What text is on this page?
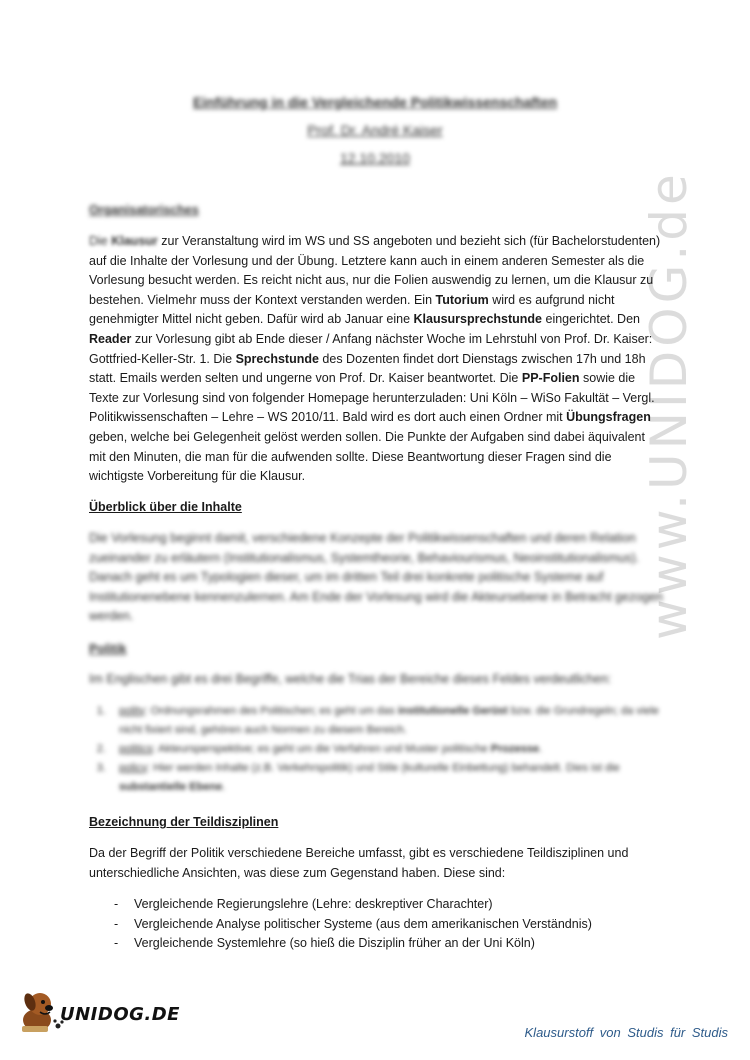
www.UNIDOG.de
Einführung in die Vergleichende Politikwissenschaften
Prof. Dr. André Kaiser
12.10.2010

Organisatorisches

Die Klausur zur Veranstaltung wird im WS und SS angeboten und bezieht sich (für Bachelorstudenten) auf die Inhalte der Vorlesung und der Übung. Letztere kann auch in einem anderen Semester als die Vorlesung besucht werden. Es reicht nicht aus, nur die Folien auswendig zu lernen, um die Klausur zu bestehen. Vielmehr muss der Kontext verstanden werden. Ein Tutorium wird es aufgrund nicht genehmigter Mittel nicht geben. Dafür wird ab Januar eine Klausursprechstunde eingerichtet. Den Reader zur Vorlesung gibt ab Ende dieser / Anfang nächster Woche im Lehrstuhl von Prof. Dr. Kaiser: Gottfried-Keller-Str. 1. Die Sprechstunde des Dozenten findet dort Dienstags zwischen 17h und 18h statt. Emails werden selten und ungerne von Prof. Dr. Kaiser beantwortet. Die PP-Folien sowie die Texte zur Vorlesung sind von folgender Homepage herunterzuladen: Uni Köln – WiSo Fakultät – Vergl. Politikwissenschaften – Lehre – WS 2010/11. Bald wird es dort auch einen Ordner mit Übungsfragen geben, welche bei Gelegenheit gelöst werden sollen. Die Punkte der Aufgaben sind dabei äquivalent mit den Minuten, die man für die aufwenden sollte. Diese Beantwortung dieser Fragen sind die wichtigste Vorbereitung für die Klausur.

Überblick über die Inhalte

Die Vorlesung beginnt damit, verschiedene Konzepte der Politikwissenschaften und deren Relation zueinander zu erläutern (Institutionalismus, Systemtheorie, Behaviourismus, Neoinstitutionalismus). Danach geht es um Typologien dieser, um im dritten Teil drei konkrete politische Systeme auf Institutionenebene kennenzulernen. Am Ende der Vorlesung wird die Akteursebene in Betracht gezogen werden.

Politik

Im Englischen gibt es drei Begriffe, welche die Trias der Bereiche dieses Feldes verdeutlichen:

1. polity: Ordnungsrahmen des Politischen; es geht um das institutionelle Gerüst bzw. die Grundregeln; da viele nicht fixiert sind, gehören auch Normen zu diesem Bereich.
2. politics: Akteursperspektive; es geht um die Verfahren und Muster politische Prozesse.
3. policy: Hier werden Inhalte (z.B. Verkehrspolitik) und Stile (kulturelle Einbettung) behandelt. Dies ist die substantielle Ebene.

Bezeichnung der Teildisziplinen

Da der Begriff der Politik verschiedene Bereiche umfasst, gibt es verschiedene Teildisziplinen und unterschiedliche Ansichten, was diese zum Gegenstand haben. Diese sind:

- Vergleichende Regierungslehre (Lehre: deskreptiver Charachter)
- Vergleichende Analyse politischer Systeme (aus dem amerikanischen Verständnis)
- Vergleichende Systemlehre (so hieß die Disziplin früher an der Uni Köln)
UNIDOG.DE
Klausurstoff von Studis für Studis
